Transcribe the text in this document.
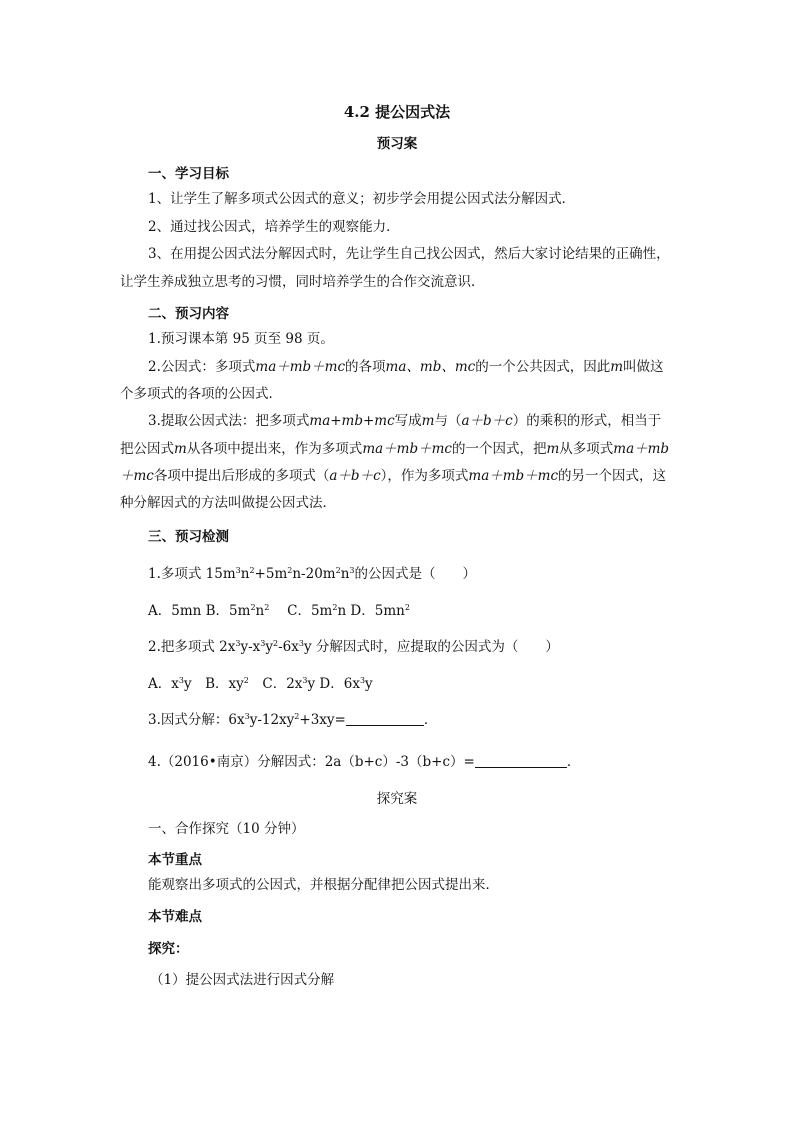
4.2 提公因式法
预习案
一、学习目标
1、让学生了解多项式公因式的意义；初步学会用提公因式法分解因式．
2、通过找公因式，培养学生的观察能力．
3、在用提公因式法分解因式时，先让学生自己找公因式，然后大家讨论结果的正确性，
让学生养成独立思考的习惯，同时培养学生的合作交流意识．
二、预习内容
1.预习课本第 95 页至 98 页。
2.公因式：多项式ma＋mb＋mc的各项ma、mb、mc的一个公共因式，因此m叫做这
个多项式的各项的公因式．
3.提取公因式法：把多项式ma+mb+mc写成m与（a＋b＋c）的乘积的形式，相当于
把公因式m从各项中提出来，作为多项式ma＋mb＋mc的一个因式，把m从多项式ma＋mb
＋mc各项中提出后形成的多项式（a＋b＋c），作为多项式ma＋mb＋mc的另一个因式，这
种分解因式的方法叫做提公因式法．
三、预习检测
1.多项式 $15m^3n^2+5m^2n-20m^2n^3$的公因式是（　　）
A．5mn B．$5m^2n^2$　 C．$5m^2n$ D．$5mn^2$
2.把多项式 $2x^3y-x^3y^2-6x^3y$ 分解因式时，应提取的公因式为（　　）
A．$x^3y$　B．$xy^2$　C．$2x^3y$ D．$6x^3y$
3.因式分解：$6x^3y-12xy^2+3xy=$	．
4.（2016•南京）分解因式：2a（b+c）-3（b+c）=	．
探究案
一、合作探究（10 分钟）
本节重点
能观察出多项式的公因式，并根据分配律把公因式提出来．
本节难点
探究：
（1）提公因式法进行因式分解
